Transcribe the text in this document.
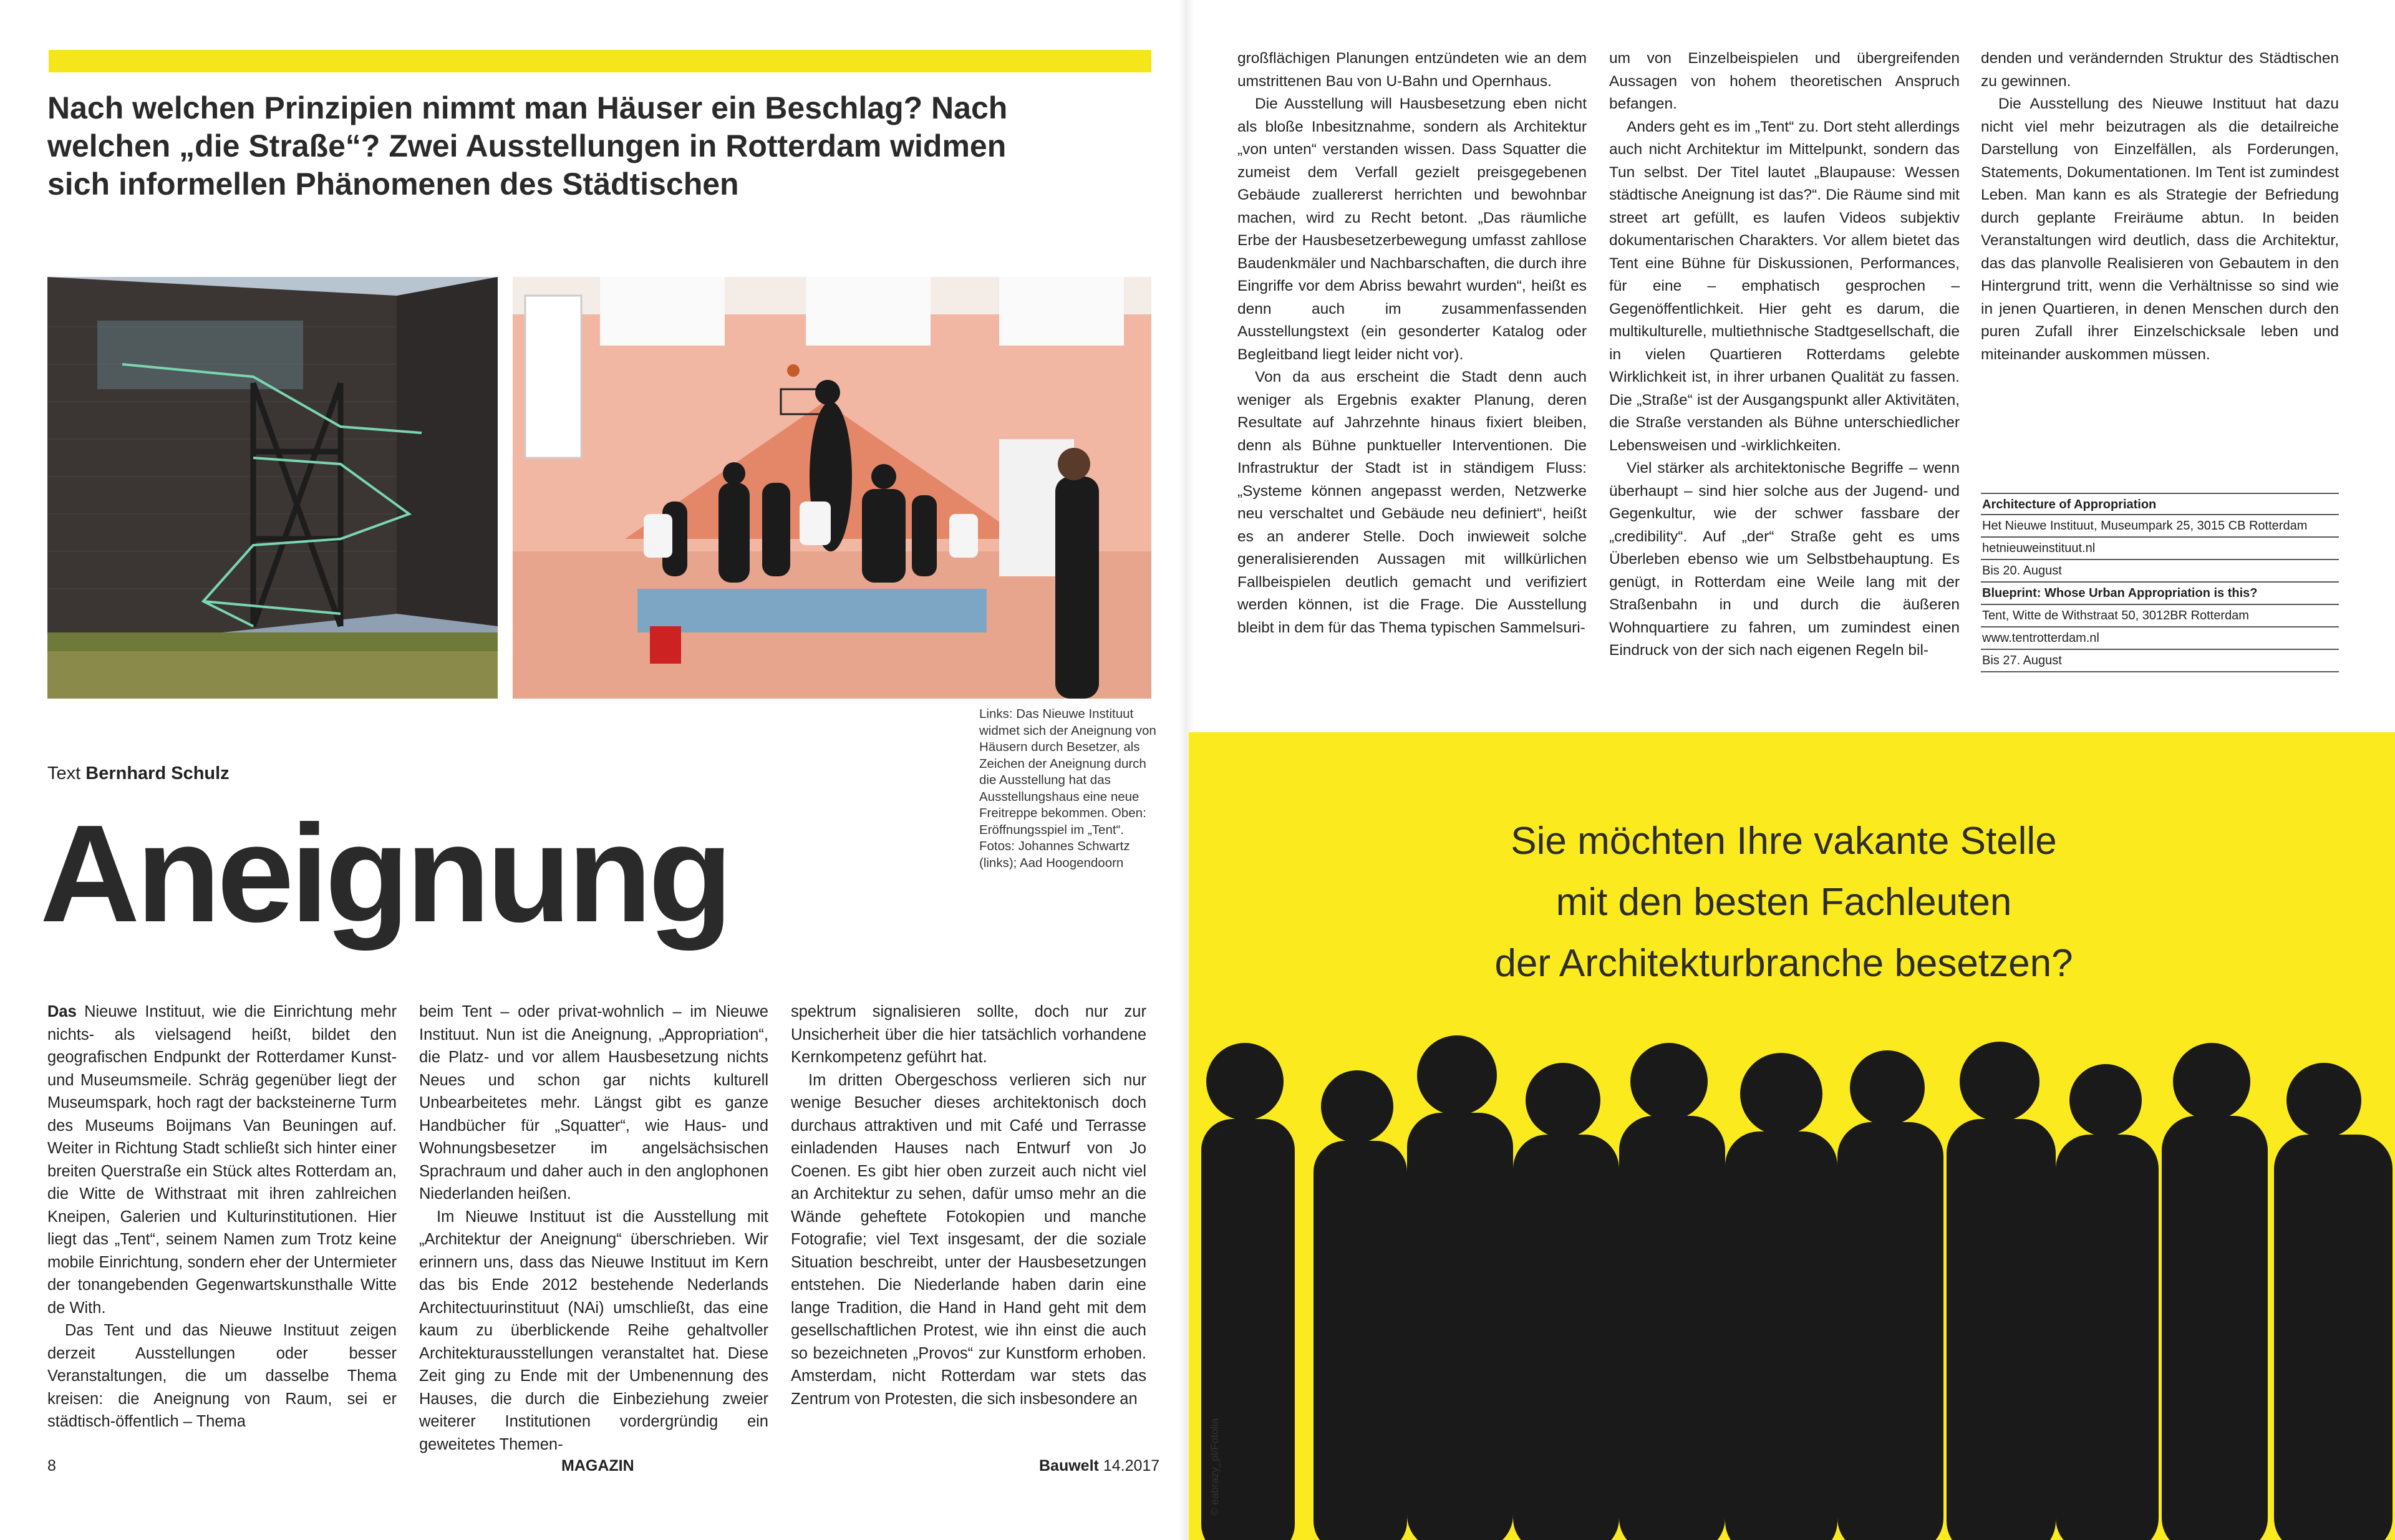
Nach welchen Prinzipien nimmt man Häuser ein Beschlag? Nach
welchen „die Straße“? Zwei Ausstellungen in Rotterdam widmen
sich informellen Phänomenen des Städtischen
Links: Das Nieuwe Instituut widmet sich der Aneignung von Häusern durch Besetzer, als Zeichen der Aneignung durch die Ausstellung hat das Ausstellungshaus eine neue Freitreppe bekommen. Oben: Eröffnungsspiel im „Tent“. Fotos: Johannes Schwartz (links); Aad Hoogendoorn
Text Bernhard Schulz
Aneignung

Das Nieuwe Instituut, wie die Einrichtung mehr nichts- als vielsagend heißt, bildet den geografischen Endpunkt der Rotterdamer Kunst- und Museumsmeile. Schräg gegenüber liegt der Museumspark, hoch ragt der backsteinerne Turm des Museums Boijmans Van Beuningen auf. Weiter in Richtung Stadt schließt sich hinter einer breiten Querstraße ein Stück altes Rotterdam an, die Witte de Withstraat mit ihren zahlreichen Kneipen, Galerien und Kulturinstitutionen. Hier liegt das „Tent“, seinem Namen zum Trotz keine mobile Einrichtung, sondern eher der Untermieter der tonangebenden Gegenwartskunsthalle Witte de With.

Das Tent und das Nieuwe Instituut zeigen derzeit Ausstellungen oder besser Veranstaltungen, die um dasselbe Thema kreisen: die Aneignung von Raum, sei er städtisch-öffentlich – Thema

beim Tent – oder privat-wohnlich – im Nieuwe Instituut. Nun ist die Aneignung, „Appropriation“, die Platz- und vor allem Hausbesetzung nichts Neues und schon gar nichts kulturell Unbearbeitetes mehr. Längst gibt es ganze Handbücher für „Squatter“, wie Haus- und Wohnungsbesetzer im angelsächsischen Sprachraum und daher auch in den anglophonen Niederlanden heißen.

Im Nieuwe Instituut ist die Ausstellung mit „Architektur der Aneignung“ überschrieben. Wir erinnern uns, dass das Nieuwe Instituut im Kern das bis Ende 2012 bestehende Nederlands Architectuurinstituut (NAi) umschließt, das eine kaum zu überblickende Reihe gehaltvoller Architekturausstellungen veranstaltet hat. Diese Zeit ging zu Ende mit der Umbenennung des Hauses, die durch die Einbeziehung zweier weiterer Institutionen vordergründig ein geweitetes Themen-

spektrum signalisieren sollte, doch nur zur Unsicherheit über die hier tatsächlich vorhandene Kernkompetenz geführt hat.

Im dritten Obergeschoss verlieren sich nur wenige Besucher dieses architektonisch doch durchaus attraktiven und mit Café und Terrasse einladenden Hauses nach Entwurf von Jo Coenen. Es gibt hier oben zurzeit auch nicht viel an Architektur zu sehen, dafür umso mehr an die Wände geheftete Fotokopien und manche Fotografie; viel Text insgesamt, der die soziale Situation beschreibt, unter der Hausbesetzungen entstehen. Die Niederlande haben darin eine lange Tradition, die Hand in Hand geht mit dem gesellschaftlichen Protest, wie ihn einst die auch so bezeichneten „Provos“ zur Kunstform erhoben. Amsterdam, nicht Rotterdam war stets das Zentrum von Protesten, die sich insbesondere an

8	MAGAZIN	Bauwelt 14.2017

großflächigen Planungen entzündeten wie an dem umstrittenen Bau von U-Bahn und Opernhaus.

Die Ausstellung will Hausbesetzung eben nicht als bloße Inbesitznahme, sondern als Architektur „von unten“ verstanden wissen. Dass Squatter die zumeist dem Verfall gezielt preisgegebenen Gebäude zuallererst herrichten und bewohnbar machen, wird zu Recht betont. „Das räumliche Erbe der Hausbesetzerbewegung umfasst zahllose Baudenkmäler und Nachbarschaften, die durch ihre Eingriffe vor dem Abriss bewahrt wurden“, heißt es denn auch im zusammenfassenden Ausstellungstext (ein gesonderter Katalog oder Begleitband liegt leider nicht vor).

Von da aus erscheint die Stadt denn auch weniger als Ergebnis exakter Planung, deren Resultate auf Jahrzehnte hinaus fixiert bleiben, denn als Bühne punktueller Interventionen. Die Infrastruktur der Stadt ist in ständigem Fluss: „Systeme können angepasst werden, Netzwerke neu verschaltet und Gebäude neu definiert“, heißt es an anderer Stelle. Doch inwieweit solche generalisierenden Aussagen mit willkürlichen Fallbeispielen deutlich gemacht und verifiziert werden können, ist die Frage. Die Ausstellung bleibt in dem für das Thema typischen Sammelsuri-

um von Einzelbeispielen und übergreifenden Aussagen von hohem theoretischen Anspruch befangen.

Anders geht es im „Tent“ zu. Dort steht allerdings auch nicht Architektur im Mittelpunkt, sondern das Tun selbst. Der Titel lautet „Blaupause: Wessen städtische Aneignung ist das?“. Die Räume sind mit street art gefüllt, es laufen Videos subjektiv dokumentarischen Charakters. Vor allem bietet das Tent eine Bühne für Diskussionen, Performances, für eine – emphatisch gesprochen – Gegenöffentlichkeit. Hier geht es darum, die multikulturelle, multiethnische Stadtgesellschaft, die in vielen Quartieren Rotterdams gelebte Wirklichkeit ist, in ihrer urbanen Qualität zu fassen. Die „Straße“ ist der Ausgangspunkt aller Aktivitäten, die Straße verstanden als Bühne unterschiedlicher Lebensweisen und -wirklichkeiten.

Viel stärker als architektonische Begriffe – wenn überhaupt – sind hier solche aus der Jugend- und Gegenkultur, wie der schwer fassbare der „credibility“. Auf „der“ Straße geht es ums Überleben ebenso wie um Selbstbehauptung. Es genügt, in Rotterdam eine Weile lang mit der Straßenbahn in und durch die äußeren Wohnquartiere zu fahren, um zumindest einen Eindruck von der sich nach eigenen Regeln bil-

denden und verändernden Struktur des Städtischen zu gewinnen.

Die Ausstellung des Nieuwe Instituut hat dazu nicht viel mehr beizutragen als die detailreiche Darstellung von Einzelfällen, als Forderungen, Statements, Dokumentationen. Im Tent ist zumindest Leben. Man kann es als Strategie der Befriedung durch geplante Freiräume abtun. In beiden Veranstaltungen wird deutlich, dass die Architektur, das das planvolle Realisieren von Gebautem in den Hintergrund tritt, wenn die Verhältnisse so sind wie in jenen Quartieren, in denen Menschen durch den puren Zufall ihrer Einzelschicksale leben und miteinander auskommen müssen.

Architecture of Appropriation
Het Nieuwe Instituut, Museumpark 25, 3015 CB Rotterdam
hetnieuweinstituut.nl
Bis 20. August
Blueprint: Whose Urban Appropriation is this?
Tent, Witte de Withstraat 50, 3012BR Rotterdam
www.tentrotterdam.nl
Bis 27. August
Sie möchten Ihre vakante Stelle
mit den besten Fachleuten
der Architekturbranche besetzen?
© eabrazy_pl/Fotolia
